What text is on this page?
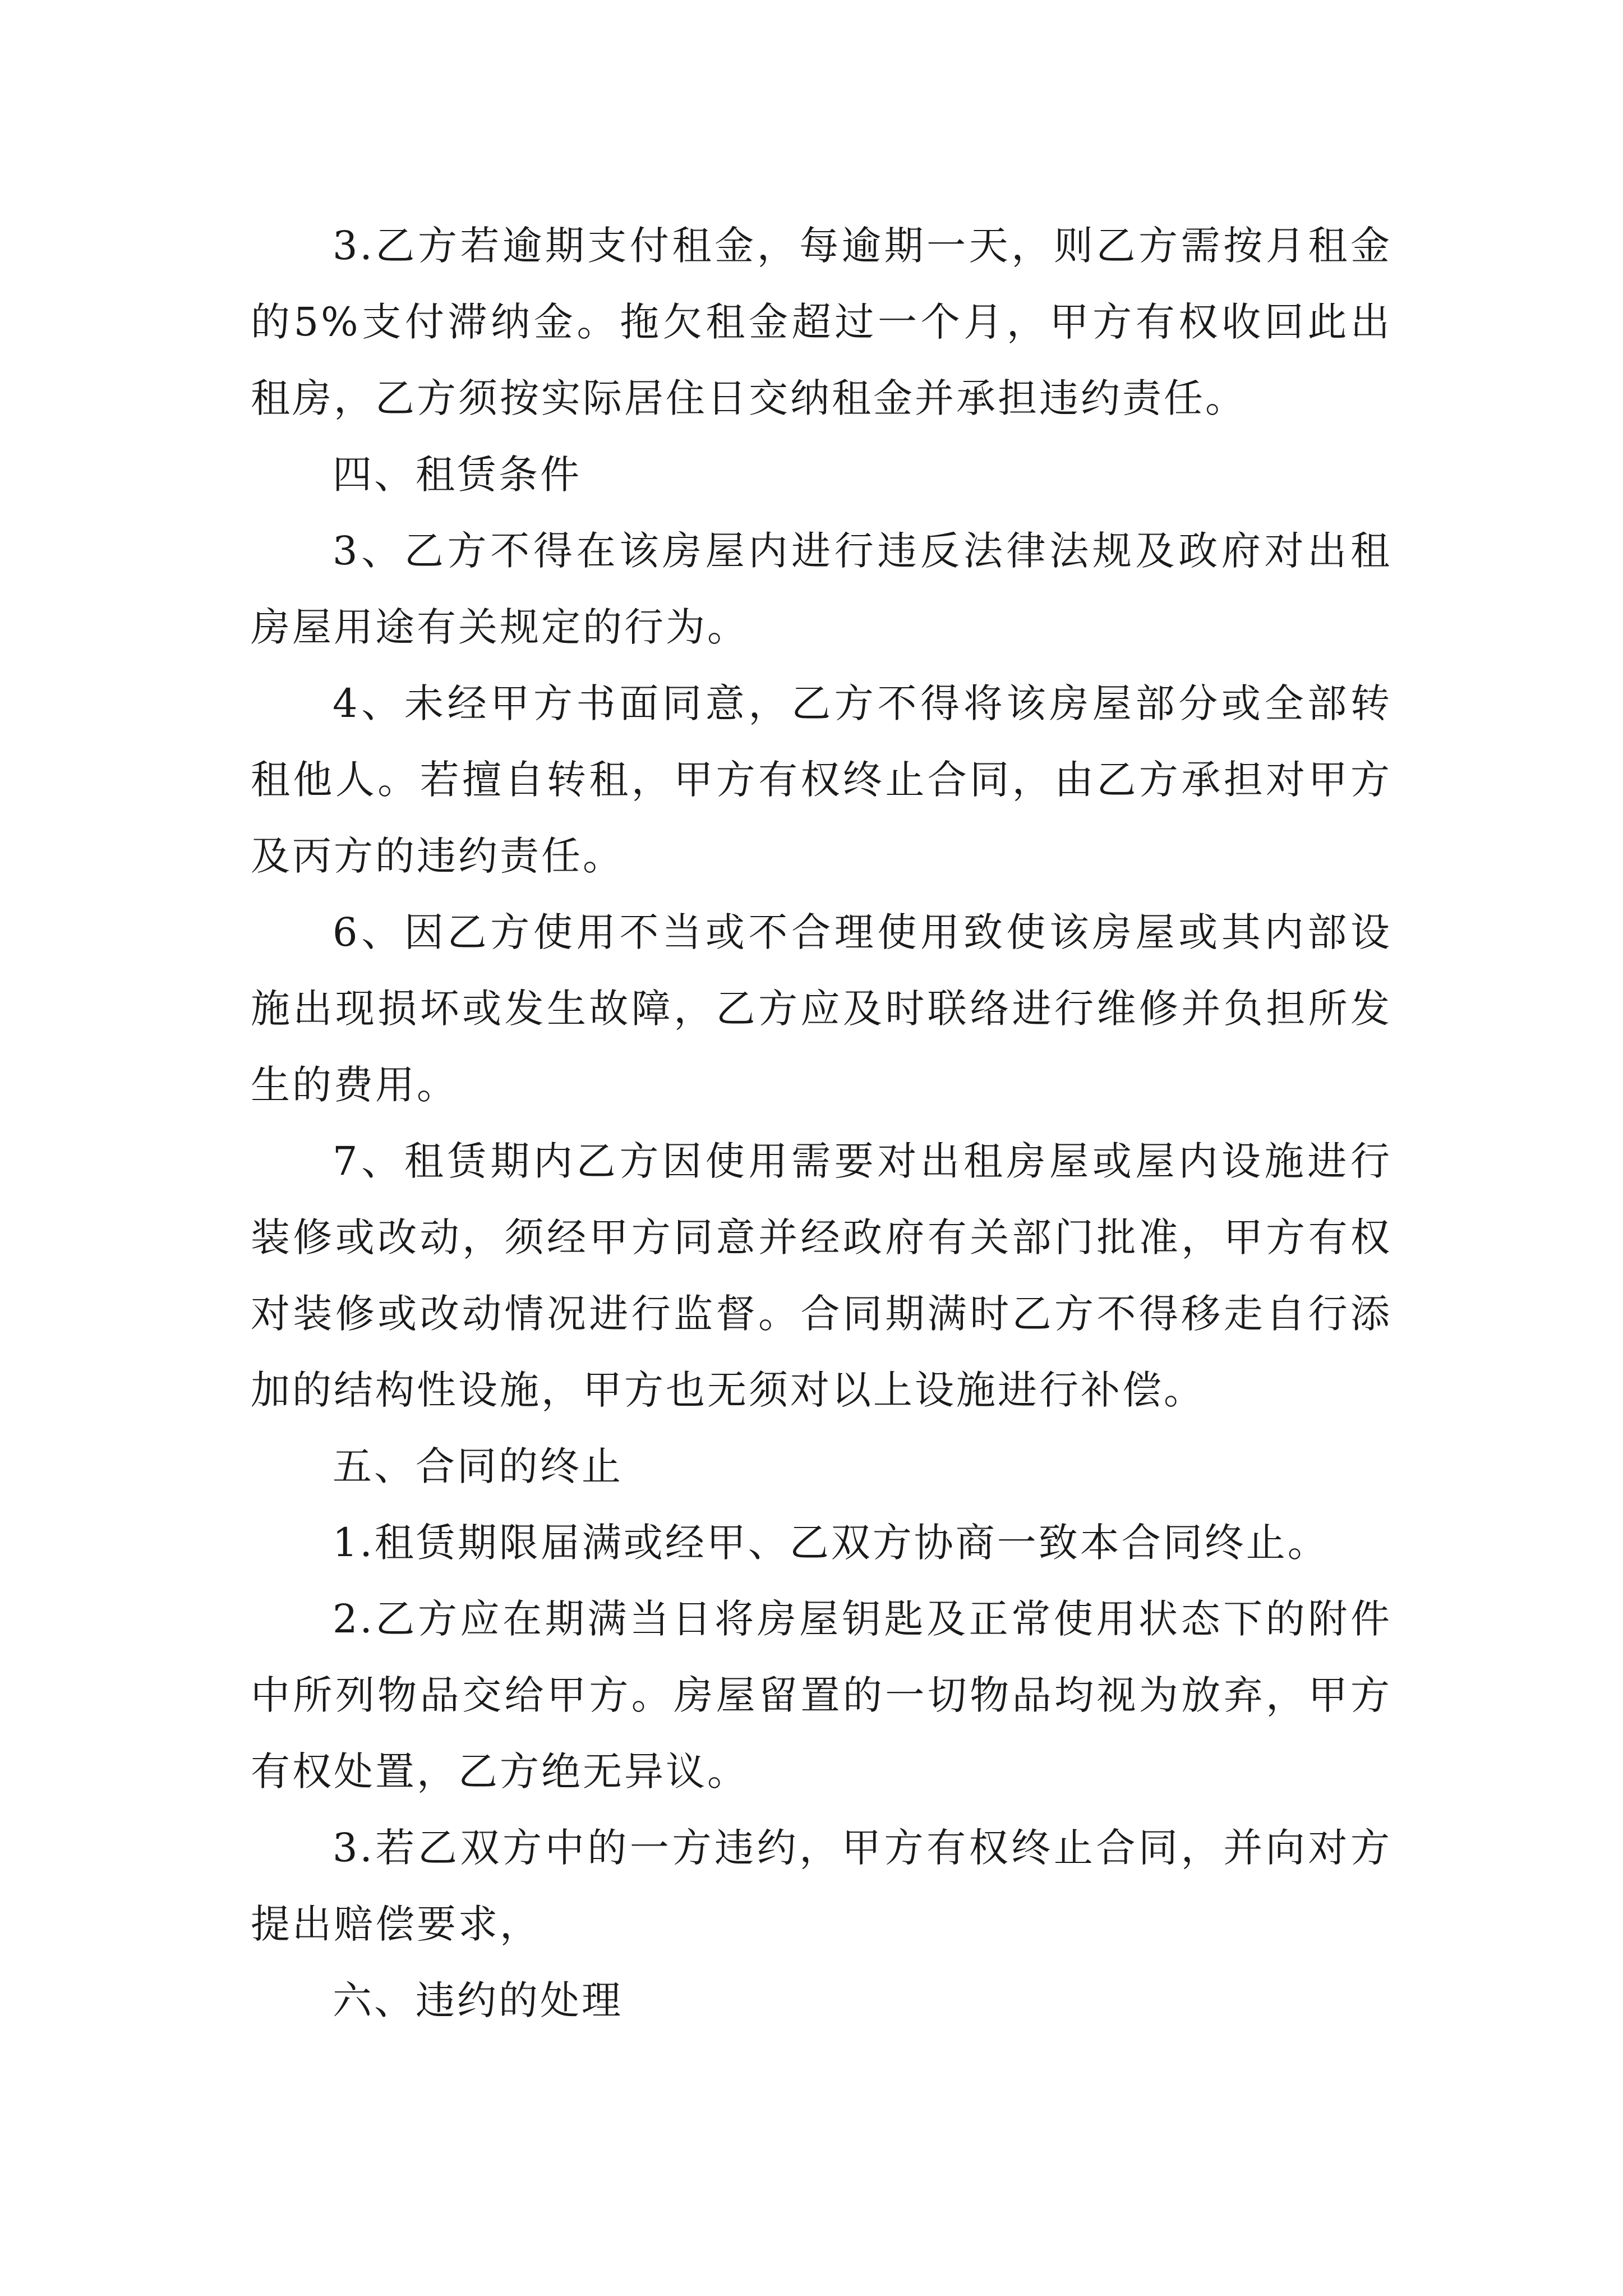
3.乙方若逾期支付租金，每逾期一天，则乙方需按月租金的5%支付滞纳金。拖欠租金超过一个月，甲方有权收回此出租房，乙方须按实际居住日交纳租金并承担违约责任。

四、租赁条件

3、乙方不得在该房屋内进行违反法律法规及政府对出租房屋用途有关规定的行为。

4、未经甲方书面同意，乙方不得将该房屋部分或全部转租他人。若擅自转租，甲方有权终止合同，由乙方承担对甲方及丙方的违约责任。

6、因乙方使用不当或不合理使用致使该房屋或其内部设施出现损坏或发生故障，乙方应及时联络进行维修并负担所发生的费用。

7、租赁期内乙方因使用需要对出租房屋或屋内设施进行装修或改动，须经甲方同意并经政府有关部门批准，甲方有权对装修或改动情况进行监督。合同期满时乙方不得移走自行添加的结构性设施，甲方也无须对以上设施进行补偿。

五、合同的终止

1.租赁期限届满或经甲、乙双方协商一致本合同终止。

2.乙方应在期满当日将房屋钥匙及正常使用状态下的附件中所列物品交给甲方。房屋留置的一切物品均视为放弃，甲方有权处置，乙方绝无异议。

3.若乙双方中的一方违约，甲方有权终止合同，并向对方提出赔偿要求，

六、违约的处理
